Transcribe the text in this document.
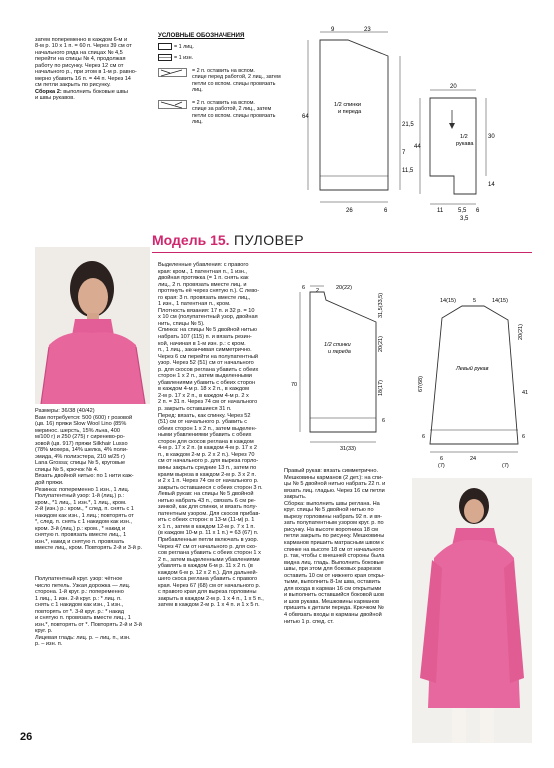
затем попеременно в каждом 6-м и
8-м р. 10 х 1 п. = 60 п. Через 39 см от
начального ряда на спицах № 4,5
перейти на спицы № 4, продолжая
работу по рисунку. Через 12 см от
начального р., при этом в 1-м р. равно-
мерно убавить 16 п. = 44 п. Через 14
см петли закрыть по рисунку.
Сборка 2: выполнить боковые швы
и швы рукавов.

УСЛОВНЫЕ ОБОЗНАЧЕНИЯ
= 1 лиц.
= 1 изн.
= 2 п. оставить на вспом.
спице перед работой, 2 лиц., затем
петли со вспом. спицы провязать
лиц.
= 2 п. оставить на вспом.
спице за работой, 2 лиц., затем
петли со вспом. спицы провязать
лиц.
9	23
1/2 спинки и переда
64
21,5
7
11,5
26	6
20
1/2 рукава
44
30
14
11 5,5
3,5
6
Модель 15. ПУЛОВЕР
Размеры: 36/38 (40/42)
Вам потребуется: 500 (600) г розовой
(цв. 16) пряжи Slow Wool Lino (85%
меринос. шерсть, 15% льна, 400
м/100 г) и 250 (275) г сиренево-ро-
зовой (цв. 917) пряжи Silkhair Lusso
(78% мохера, 14% шелка, 4% поли-
эмида, 4% полиэстера, 210 м/25 г)
Lana Grossa; спицы № 5, круговые
спицы № 5, крючок № 4.
Вязать двойной нитью: по 1 нити каж-
дой пряжи.
Резинка: попеременно 1 изн., 1 лиц.
Полупатентный узор: 1-й (лиц.) р.:
кром., *1 лиц., 1 изн.*, 1 лиц., кром.
2-й (изн.) р.: кром., * след. п. снять с 1
накидом как изн., 1 лиц.; повторять от
*, след. п. снять с 1 накидом как изн.,
кром. 3-й (лиц.) р.: кром., * накид и
снятую п. провязать вместе лиц., 1
изн.*, накид и снятую п. провязать
вместе лиц., кром. Повторять 2-й и 3-й р.
Полупатентный круг. узор: чётное
число петель. Узкая дорожка — лиц.
сторона. 1-й круг. р.: попеременно
1 лиц., 1 изн. 2-й круг. р.: * лиц. п.
снять с 1 накидом как изн., 1 изн.,
повторять от *. 3-й круг. р.: * накид
и снятую п. провязать вместе лиц., 1
изн.*, повторять от *. Повторять 2-й и 3-й
круг. р.
Лицевая гладь: лиц. р. – лиц. п., изн.
р. – изн. п.
Выделенные убавления: с правого
края: кром., 1 патентная п., 1 изн.,
двойная протяжка (= 1 п. снять как
лиц., 2 п. провязать вместе лиц. и
протянуть её через снятую п.). С лево-
го края: 3 п. провязать вместе лиц.,
1 изн., 1 патентная п., кром.
Плотность вязания: 17 п. и 32 р. = 10
х 10 см (полупатентный узор, двойная
нить, спицы № 5).
Спинка: на спицы № 5 двойной нитью
набрать 107 (115) п. и вязать резин-
кой, начиная в 1-м изн. р.: с кром.
п., 1 лиц., заканчивая симметрично.
Через 6 см перейти на полупатентный
узор. Через 52 (51) см от начального
р. для скосов реглана убавить с обеих
сторон 1 х 2 п., затем выделенными
убавлениями убавить с обеих сторон
в каждом 4-м р. 18 х 2 п., в каждом
2-м р. 17 х 2 п., в каждом 4-м р. 2 х
2 п. = 31 п. Через 74 см от начального
р. закрыть оставшиеся 31 п.
Перед: вязать, как спинку. Через 52
(51) см от начального р. убавить с
обеих сторон 1 х 2 п., затем выделен-
ными убавлениями убавить с обеих
сторон для скосов реглана в каждом
4-м р. 17 х 2 п. (в каждом 4-м р. 17 х 2
п., в каждом 2-м р. 2 х 2 п.). Через 70
см от начального р. для выреза горло-
вины закрыть средние 13 п., затем по
краям выреза в каждом 2-м р. 3 х 2 п.
и 2 х 1 п. Через 74 см от начального р.
закрыть оставшиеся с обеих сторон 3 п.
Левый рукав: на спицы № 5 двойной
нитью набрать 43 п., связать 6 см ре-
зинкой, как для спинки, и вязать полу-
патентным узором. Для скосов прибав-
ить с обеих сторон: в 13-м (11-м) р. 1
х 1 п., затем в каждом 12-м р. 7 х 1 п.
(в каждом 10-м р. 11 х 1 п.) = 63 (67) п.
Прибавленные петли включать в узор.
Через 47 см от начального р. для ско-
сов реглана убавить с обеих сторон 1 х
2 п., затем выделенными убавлениями
убавлять в каждом 6-м р. 11 х 2 п. (в
каждом 6-м р. 12 х 2 п.). Для дальней-
шего скоса реглана убавить с правого
края. Через 67 (68) см от начального р.
с правого края для выреза горловины
закрыть в каждом 2-м р. 1 х 4 п., 1 х 5 п.,
затем в каждом 2-м р. 1 х 4 п. и 1 х 5 п.
6 2	20(22)
31,5(33,5)
20(21)
1/2 спинки и переда
70	18(17)
6
31(33)
14(15)	14(15)
5
20(21)
Левый рукав
67(68)
41
6
6
24
6
(7)	(7)
Правый рукав: вязать симметрично.
Мешковины карманов (2 дет.): на спи-
цы № 5 двойной нитью набрать 22 п. и
вязать лиц. гладью. Через 16 см петли
закрыть.
Сборка: выполнить швы реглана. На
круг. спицы № 5 двойной нитью по
вырезу горловины набрать 92 п. и вя-
зать полупатентным узором круг. р. по
рисунку. На высоте воротника 18 см
петли закрыть по рисунку. Мешковины
карманов пришить матрасным швом к
спинке на высоте 18 см от начального
р. так, чтобы с внешней стороны была
видна лиц. гладь. Выполнить боковые
швы, при этом для боковых разрезов
оставить 10 см от нижнего края откры-
тыми, выполнить 8-1м шва, оставить
для входа в карман 16 см открытыми
и выполнить оставшийся боковой шов
и шов рукава. Мешковины карманов
пришить к детали переда. Крючком №
4 обвязать входы в карманы двойной
нитью 1 р. спед. ст.
26
